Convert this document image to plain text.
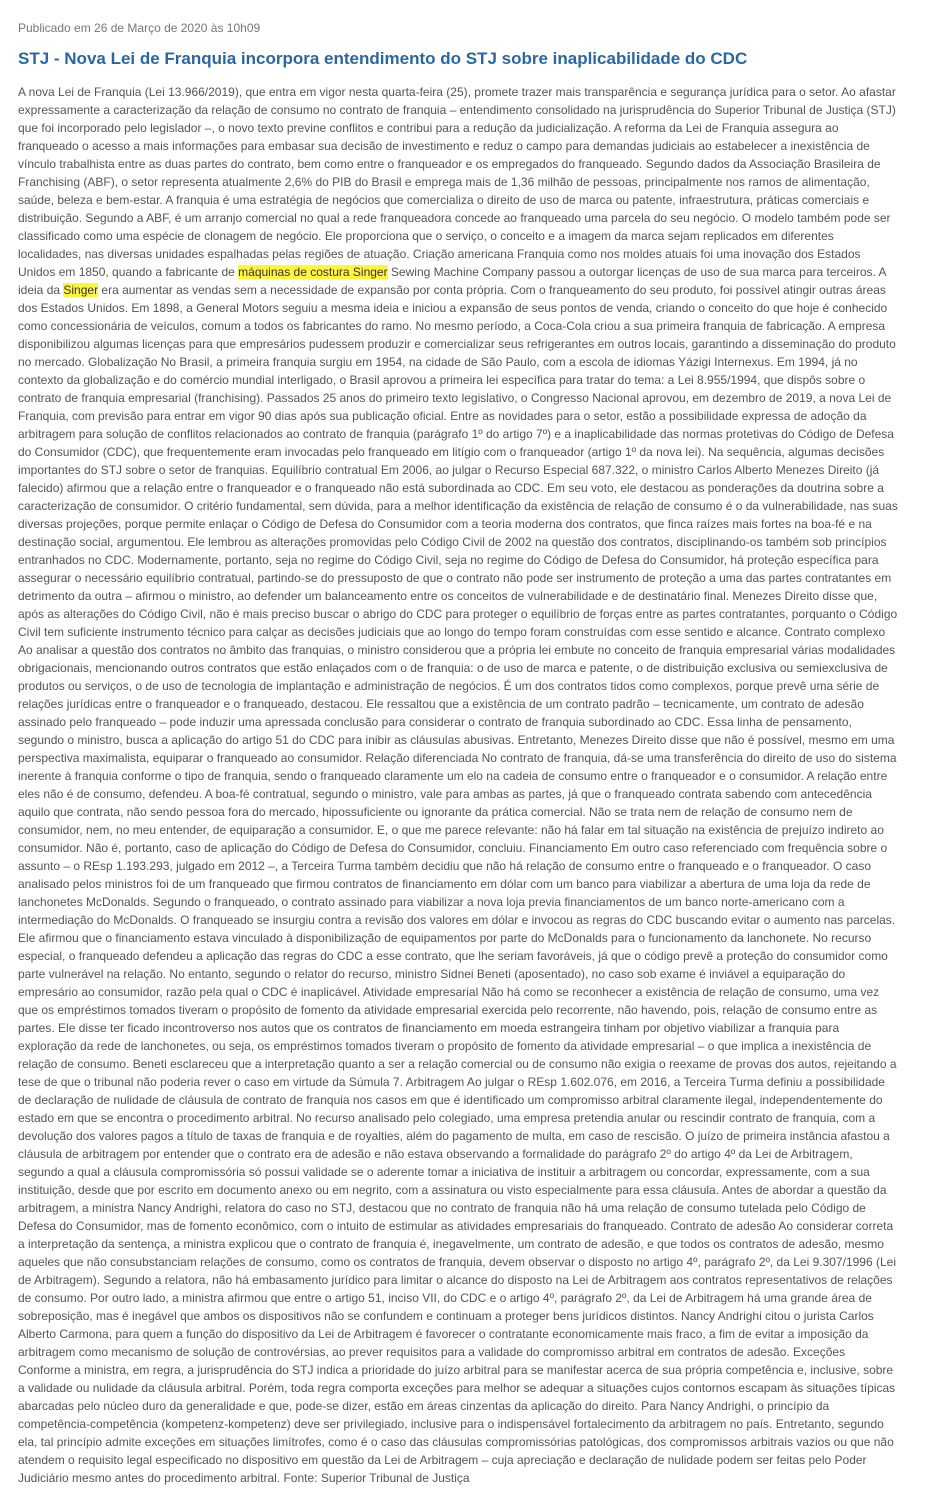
Publicado em 26 de Março de 2020 às 10h09
STJ - Nova Lei de Franquia incorpora entendimento do STJ sobre inaplicabilidade do CDC

A nova Lei de Franquia (Lei 13.966/2019), que entra em vigor nesta quarta-feira (25), promete trazer mais transparência e segurança jurídica para o setor. Ao afastar expressamente a caracterização da relação de consumo no contrato de franquia – entendimento consolidado na jurisprudência do Superior Tribunal de Justiça (STJ) que foi incorporado pelo legislador –, o novo texto previne conflitos e contribui para a redução da judicialização. A reforma da Lei de Franquia assegura ao franqueado o acesso a mais informações para embasar sua decisão de investimento e reduz o campo para demandas judiciais ao estabelecer a inexistência de vínculo trabalhista entre as duas partes do contrato, bem como entre o franqueador e os empregados do franqueado. Segundo dados da Associação Brasileira de Franchising (ABF), o setor representa atualmente 2,6% do PIB do Brasil e emprega mais de 1,36 milhão de pessoas, principalmente nos ramos de alimentação, saúde, beleza e bem-estar. A franquia é uma estratégia de negócios que comercializa o direito de uso de marca ou patente, infraestrutura, práticas comerciais e distribuição. Segundo a ABF, é um arranjo comercial no qual a rede franqueadora concede ao franqueado uma parcela do seu negócio. O modelo também pode ser classificado como uma espécie de clonagem de negócio. Ele proporciona que o serviço, o conceito e a imagem da marca sejam replicados em diferentes localidades, nas diversas unidades espalhadas pelas regiões de atuação. Criação americana Franquia como nos moldes atuais foi uma inovação dos Estados Unidos em 1850, quando a fabricante de máquinas de costura Singer Sewing Machine Company passou a outorgar licenças de uso de sua marca para terceiros. A ideia da Singer era aumentar as vendas sem a necessidade de expansão por conta própria. Com o franqueamento do seu produto, foi possível atingir outras áreas dos Estados Unidos. Em 1898, a General Motors seguiu a mesma ideia e iniciou a expansão de seus pontos de venda, criando o conceito do que hoje é conhecido como concessionária de veículos, comum a todos os fabricantes do ramo. No mesmo período, a Coca-Cola criou a sua primeira franquia de fabricação. A empresa disponibilizou algumas licenças para que empresários pudessem produzir e comercializar seus refrigerantes em outros locais, garantindo a disseminação do produto no mercado. Globalização No Brasil, a primeira franquia surgiu em 1954, na cidade de São Paulo, com a escola de idiomas Yázigi Internexus. Em 1994, já no contexto da globalização e do comércio mundial interligado, o Brasil aprovou a primeira lei específica para tratar do tema: a Lei 8.955/1994, que dispôs sobre o contrato de franquia empresarial (franchising). Passados 25 anos do primeiro texto legislativo, o Congresso Nacional aprovou, em dezembro de 2019, a nova Lei de Franquia, com previsão para entrar em vigor 90 dias após sua publicação oficial. Entre as novidades para o setor, estão a possibilidade expressa de adoção da arbitragem para solução de conflitos relacionados ao contrato de franquia (parágrafo 1º do artigo 7º) e a inaplicabilidade das normas protetivas do Código de Defesa do Consumidor (CDC), que frequentemente eram invocadas pelo franqueado em litígio com o franqueador (artigo 1º da nova lei). Na sequência, algumas decisões importantes do STJ sobre o setor de franquias. Equilíbrio contratual Em 2006, ao julgar o Recurso Especial 687.322, o ministro Carlos Alberto Menezes Direito (já falecido) afirmou que a relação entre o franqueador e o franqueado não está subordinada ao CDC. Em seu voto, ele destacou as ponderações da doutrina sobre a caracterização de consumidor. O critério fundamental, sem dúvida, para a melhor identificação da existência de relação de consumo é o da vulnerabilidade, nas suas diversas projeções, porque permite enlaçar o Código de Defesa do Consumidor com a teoria moderna dos contratos, que finca raízes mais fortes na boa-fé e na destinação social, argumentou. Ele lembrou as alterações promovidas pelo Código Civil de 2002 na questão dos contratos, disciplinando-os também sob princípios entranhados no CDC. Modernamente, portanto, seja no regime do Código Civil, seja no regime do Código de Defesa do Consumidor, há proteção específica para assegurar o necessário equilíbrio contratual, partindo-se do pressuposto de que o contrato não pode ser instrumento de proteção a uma das partes contratantes em detrimento da outra – afirmou o ministro, ao defender um balanceamento entre os conceitos de vulnerabilidade e de destinatário final. Menezes Direito disse que, após as alterações do Código Civil, não é mais preciso buscar o abrigo do CDC para proteger o equilíbrio de forças entre as partes contratantes, porquanto o Código Civil tem suficiente instrumento técnico para calçar as decisões judiciais que ao longo do tempo foram construídas com esse sentido e alcance. Contrato complexo Ao analisar a questão dos contratos no âmbito das franquias, o ministro considerou que a própria lei embute no conceito de franquia empresarial várias modalidades obrigacionais, mencionando outros contratos que estão enlaçados com o de franquia: o de uso de marca e patente, o de distribuição exclusiva ou semiexclusiva de produtos ou serviços, o de uso de tecnologia de implantação e administração de negócios. É um dos contratos tidos como complexos, porque prevê uma série de relações jurídicas entre o franqueador e o franqueado, destacou. Ele ressaltou que a existência de um contrato padrão – tecnicamente, um contrato de adesão assinado pelo franqueado – pode induzir uma apressada conclusão para considerar o contrato de franquia subordinado ao CDC. Essa linha de pensamento, segundo o ministro, busca a aplicação do artigo 51 do CDC para inibir as cláusulas abusivas. Entretanto, Menezes Direito disse que não é possível, mesmo em uma perspectiva maximalista, equiparar o franqueado ao consumidor. Relação diferenciada No contrato de franquia, dá-se uma transferência do direito de uso do sistema inerente à franquia conforme o tipo de franquia, sendo o franqueado claramente um elo na cadeia de consumo entre o franqueador e o consumidor. A relação entre eles não é de consumo, defendeu. A boa-fé contratual, segundo o ministro, vale para ambas as partes, já que o franqueado contrata sabendo com antecedência aquilo que contrata, não sendo pessoa fora do mercado, hipossuficiente ou ignorante da prática comercial. Não se trata nem de relação de consumo nem de consumidor, nem, no meu entender, de equiparação a consumidor. E, o que me parece relevante: não há falar em tal situação na existência de prejuízo indireto ao consumidor. Não é, portanto, caso de aplicação do Código de Defesa do Consumidor, concluiu. Financiamento Em outro caso referenciado com frequência sobre o assunto – o REsp 1.193.293, julgado em 2012 –, a Terceira Turma também decidiu que não há relação de consumo entre o franqueado e o franqueador. O caso analisado pelos ministros foi de um franqueado que firmou contratos de financiamento em dólar com um banco para viabilizar a abertura de uma loja da rede de lanchonetes McDonalds. Segundo o franqueado, o contrato assinado para viabilizar a nova loja previa financiamentos de um banco norte-americano com a intermediação do McDonalds. O franqueado se insurgiu contra a revisão dos valores em dólar e invocou as regras do CDC buscando evitar o aumento nas parcelas. Ele afirmou que o financiamento estava vinculado à disponibilização de equipamentos por parte do McDonalds para o funcionamento da lanchonete. No recurso especial, o franqueado defendeu a aplicação das regras do CDC a esse contrato, que lhe seriam favoráveis, já que o código prevê a proteção do consumidor como parte vulnerável na relação. No entanto, segundo o relator do recurso, ministro Sidnei Beneti (aposentado), no caso sob exame é inviável a equiparação do empresário ao consumidor, razão pela qual o CDC é inaplicável. Atividade empresarial Não há como se reconhecer a existência de relação de consumo, uma vez que os empréstimos tomados tiveram o propósito de fomento da atividade empresarial exercida pelo recorrente, não havendo, pois, relação de consumo entre as partes. Ele disse ter ficado incontroverso nos autos que os contratos de financiamento em moeda estrangeira tinham por objetivo viabilizar a franquia para exploração da rede de lanchonetes, ou seja, os empréstimos tomados tiveram o propósito de fomento da atividade empresarial – o que implica a inexistência de relação de consumo. Beneti esclareceu que a interpretação quanto a ser a relação comercial ou de consumo não exigia o reexame de provas dos autos, rejeitando a tese de que o tribunal não poderia rever o caso em virtude da Súmula 7. Arbitragem Ao julgar o REsp 1.602.076, em 2016, a Terceira Turma definiu a possibilidade de declaração de nulidade de cláusula de contrato de franquia nos casos em que é identificado um compromisso arbitral claramente ilegal, independentemente do estado em que se encontra o procedimento arbitral. No recurso analisado pelo colegiado, uma empresa pretendia anular ou rescindir contrato de franquia, com a devolução dos valores pagos a título de taxas de franquia e de royalties, além do pagamento de multa, em caso de rescisão. O juízo de primeira instância afastou a cláusula de arbitragem por entender que o contrato era de adesão e não estava observando a formalidade do parágrafo 2º do artigo 4º da Lei de Arbitragem, segundo a qual a cláusula compromissória só possui validade se o aderente tomar a iniciativa de instituir a arbitragem ou concordar, expressamente, com a sua instituição, desde que por escrito em documento anexo ou em negrito, com a assinatura ou visto especialmente para essa cláusula. Antes de abordar a questão da arbitragem, a ministra Nancy Andrighi, relatora do caso no STJ, destacou que no contrato de franquia não há uma relação de consumo tutelada pelo Código de Defesa do Consumidor, mas de fomento econômico, com o intuito de estimular as atividades empresariais do franqueado. Contrato de adesão Ao considerar correta a interpretação da sentença, a ministra explicou que o contrato de franquia é, inegavelmente, um contrato de adesão, e que todos os contratos de adesão, mesmo aqueles que não consubstanciam relações de consumo, como os contratos de franquia, devem observar o disposto no artigo 4º, parágrafo 2º, da Lei 9.307/1996 (Lei de Arbitragem). Segundo a relatora, não há embasamento jurídico para limitar o alcance do disposto na Lei de Arbitragem aos contratos representativos de relações de consumo. Por outro lado, a ministra afirmou que entre o artigo 51, inciso VII, do CDC e o artigo 4º, parágrafo 2º, da Lei de Arbitragem há uma grande área de sobreposição, mas é inegável que ambos os dispositivos não se confundem e continuam a proteger bens jurídicos distintos. Nancy Andrighi citou o jurista Carlos Alberto Carmona, para quem a função do dispositivo da Lei de Arbitragem é favorecer o contratante economicamente mais fraco, a fim de evitar a imposição da arbitragem como mecanismo de solução de controvérsias, ao prever requisitos para a validade do compromisso arbitral em contratos de adesão. Exceções Conforme a ministra, em regra, a jurisprudência do STJ indica a prioridade do juízo arbitral para se manifestar acerca de sua própria competência e, inclusive, sobre a validade ou nulidade da cláusula arbitral. Porém, toda regra comporta exceções para melhor se adequar a situações cujos contornos escapam às situações típicas abarcadas pelo núcleo duro da generalidade e que, pode-se dizer, estão em áreas cinzentas da aplicação do direito. Para Nancy Andrighi, o princípio da competência-competência (kompetenz-kompetenz) deve ser privilegiado, inclusive para o indispensável fortalecimento da arbitragem no país. Entretanto, segundo ela, tal princípio admite exceções em situações limítrofes, como é o caso das cláusulas compromissórias patológicas, dos compromissos arbitrais vazios ou que não atendem o requisito legal especificado no dispositivo em questão da Lei de Arbitragem – cuja apreciação e declaração de nulidade podem ser feitas pelo Poder Judiciário mesmo antes do procedimento arbitral. Fonte: Superior Tribunal de Justiça
